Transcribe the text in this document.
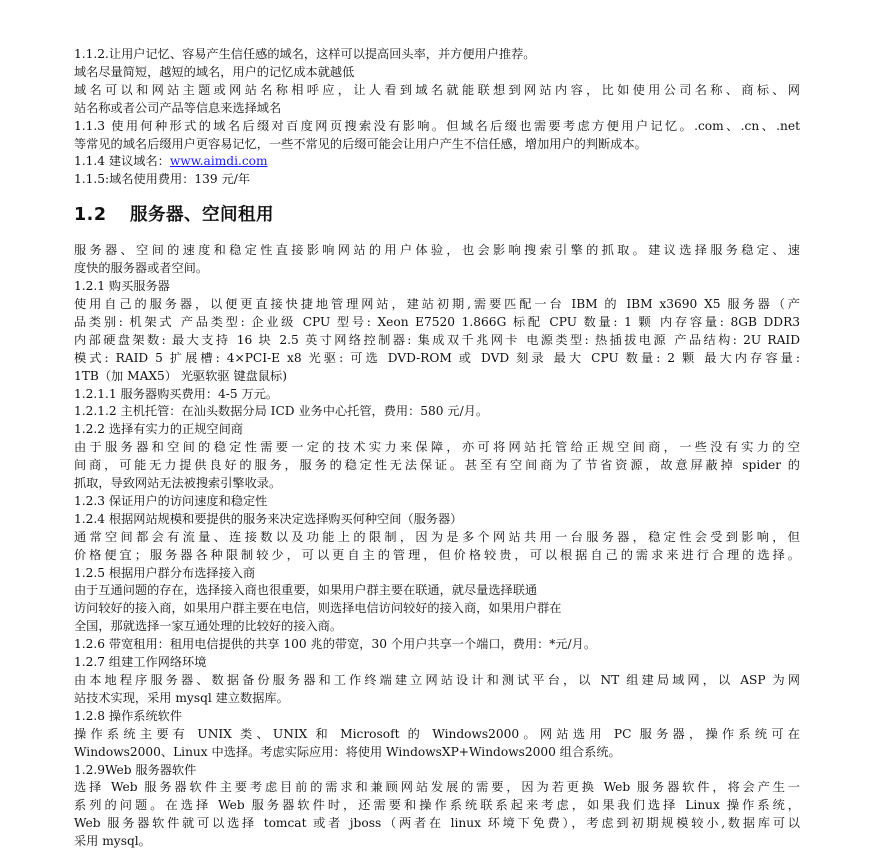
1.1.2.让用户记忆、容易产生信任感的域名，这样可以提高回头率，并方便用户推荐。

域名尽量简短，越短的域名，用户的记忆成本就越低

域名可以和网站主题或网站名称相呼应，让人看到域名就能联想到网站内容，比如使用公司名称、商标、网

站名称或者公司产品等信息来选择域名

1.1.3 使用何种形式的域名后缀对百度网页搜索没有影响。但域名后缀也需要考虑方便用户记忆。.com、.cn、.net

等常见的域名后缀用户更容易记忆，一些不常见的后缀可能会让用户产生不信任感，增加用户的判断成本。

1.1.4 建议域名：www.aimdi.com

1.1.5:域名使用费用：139 元/年

1.2 服务器、空间租用

服务器、空间的速度和稳定性直接影响网站的用户体验，也会影响搜索引擎的抓取。建议选择服务稳定、速

度快的服务器或者空间。

1.2.1 购买服务器

使用自己的服务器，以便更直接快捷地管理网站，建站初期,需要匹配一台 IBM 的 IBM x3690 X5 服务器（产

品类别: 机架式 产品类型: 企业级 CPU 型号: Xeon E7520 1.866G 标配 CPU 数量: 1 颗 内存容量: 8GB DDR3

内部硬盘架数: 最大支持 16 块 2.5 英寸网络控制器: 集成双千兆网卡 电源类型: 热插拔电源 产品结构: 2U RAID

模式: RAID 5 扩展槽: 4×PCI-E x8 光驱: 可选 DVD-ROM 或 DVD 刻录 最大 CPU 数量: 2 颗 最大内存容量:

1TB（加 MAX5） 光驱软驱 键盘鼠标)

1.2.1.1 服务器购买费用：4-5 万元。

1.2.1.2 主机托管：在汕头数据分局 ICD 业务中心托管，费用：580 元/月。

1.2.2 选择有实力的正规空间商

由于服务器和空间的稳定性需要一定的技术实力来保障，亦可将网站托管给正规空间商，一些没有实力的空

间商，可能无力提供良好的服务，服务的稳定性无法保证。甚至有空间商为了节省资源，故意屏蔽掉 spider 的

抓取，导致网站无法被搜索引擎收录。

1.2.3 保证用户的访问速度和稳定性

1.2.4 根据网站规模和要提供的服务来决定选择购买何种空间（服务器）

通常空间都会有流量、连接数以及功能上的限制，因为是多个网站共用一台服务器，稳定性会受到影响，但

价格便宜；服务器各种限制较少，可以更自主的管理，但价格较贵，可以根据自己的需求来进行合理的选择。

1.2.5 根据用户群分布选择接入商

由于互通问题的存在，选择接入商也很重要，如果用户群主要在联通，就尽量选择联通

访问较好的接入商，如果用户群主要在电信，则选择电信访问较好的接入商，如果用户群在

全国，那就选择一家互通处理的比较好的接入商。

1.2.6 带宽租用：租用电信提供的共享 100 兆的带宽，30 个用户共享一个端口，费用：*元/月。

1.2.7 组建工作网络环境

由本地程序服务器、数据备份服务器和工作终端建立网站设计和测试平台，以 NT 组建局域网，以 ASP 为网

站技术实现，采用 mysql 建立数据库。

1.2.8 操作系统软件

操作系统主要有 UNIX 类、UNIX 和 Microsoft 的 Windows2000。网站选用 PC 服务器，操作系统可在

Windows2000、Linux 中选择。考虑实际应用：将使用 WindowsXP+Windows2000 组合系统。

1.2.9Web 服务器软件

选择 Web 服务器软件主要考虑目前的需求和兼顾网站发展的需要，因为若更换 Web 服务器软件，将会产生一

系列的问题。在选择 Web 服务器软件时，还需要和操作系统联系起来考虑，如果我们选择 Linux 操作系统，

Web 服务器软件就可以选择 tomcat 或者 jboss（两者在 linux 环境下免费），考虑到初期规模较小,数据库可以

采用 mysql。
